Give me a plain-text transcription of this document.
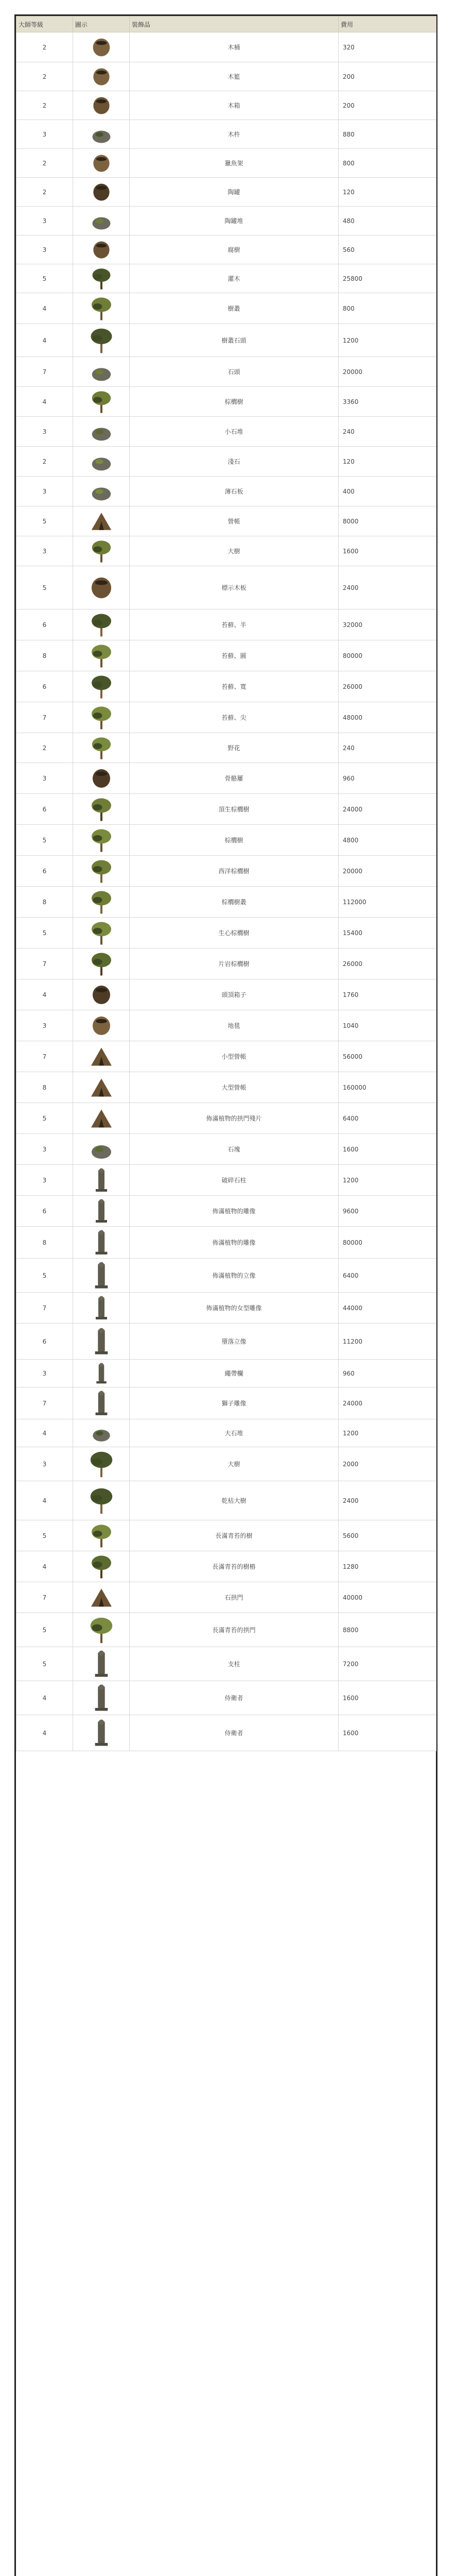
大師等級	圖示	裝飾品	費用
2		木桶	320
2		木籃	200
2		木箱	200
3		木杵	880
2		獵魚架	800
2		陶罐	120
3		陶罐堆	480
3		腐樹	560
5		灌木	25800
4		樹叢	800
4		樹叢石頭	1200
7		石頭	20000
4		棕櫚樹	3360
3		小石堆	240
2		淺石	120
3		薄石板	400
5		營帳	8000
3		大樹	1600
5		標示木板	2400
6		苔蘚、半	32000
8		苔蘚、圓	80000
6		苔蘚、寬	26000
7		苔蘚、尖	48000
2		野花	240
3		骨骼屢	960
6		頂生棕櫚樹	24000
5		棕櫚樹	4800
6		西洋棕櫚樹	20000
8		棕櫚樹叢	112000
5		生心棕櫚樹	15400
7		片岩棕櫚樹	26000
4		頭頂箱子	1760
3		地毯	1040
7		小型營帳	56000
8		大型營帳	160000
5		佈滿植物的拱門殘片	6400
3		石塊	1600
3		破碎石柱	1200
6		佈滿植物的雕像	9600
8		佈滿植物的雕像	80000
5		佈滿植物的立像	6400
7		佈滿植物的女型雕像	44000
6		墮落立像	11200
3		繩帶欄	960
7		獅子雕像	24000
4		大石堆	1200
3		大樹	2000
4		乾枯大樹	2400
5		長滿青苔的樹	5600
4		長滿青苔的樹樁	1280
7		石拱門	40000
5		長滿青苔的拱門	8800
5		支柱	7200
4		侍衛者	1600
4		侍衛者	1600
